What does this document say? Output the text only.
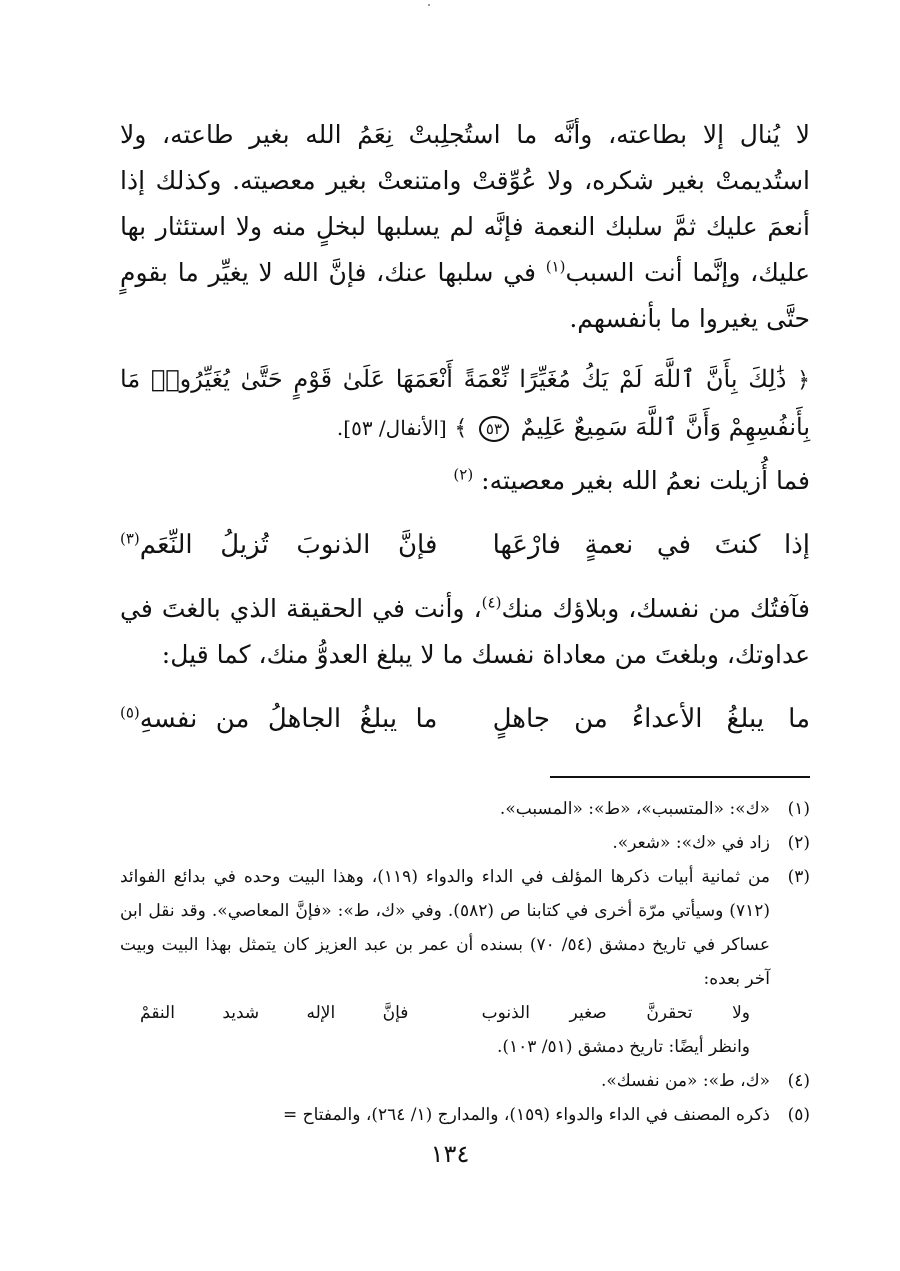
لا يُنال إلا بطاعته، وأنَّه ما استُجلِبتْ نِعَمُ الله بغير طاعته، ولا استُديمتْ بغير شكره، ولا عُوِّقتْ وامتنعتْ بغير معصيته. وكذلك إذا أنعمَ عليك ثمَّ سلبك النعمة فإنَّه لم يسلبها لبخلٍ منه ولا استئثار بها عليك، وإنَّما أنت السبب$^{(١)}$ في سلبها عنك، فإنَّ الله لا يغيِّر ما بقومٍ حتَّى يغيروا ما بأنفسهم.

﴿ ذَٰلِكَ بِأَنَّ ٱللَّهَ لَمْ يَكُ مُغَيِّرًا نِّعْمَةً أَنْعَمَهَا عَلَىٰ قَوْمٍ حَتَّىٰ يُغَيِّرُوا۟ مَا بِأَنفُسِهِمْ وَأَنَّ ٱللَّهَ سَمِيعٌ عَلِيمٌ ٥٣ ﴾ [الأنفال/ ٥٣].

فما أُزيلت نعمُ الله بغير معصيته: $^{(٢)}$

إذا كنتَ في نعمةٍ فارْعَها
فإنَّ الذنوبَ تُزيلُ النِّعَم$^{(٣)}$

فآفتُك من نفسك، وبلاؤك منك$^{(٤)}$، وأنت في الحقيقة الذي بالغتَ في عداوتك، وبلغتَ من معاداة نفسك ما لا يبلغ العدوُّ منك، كما قيل:

ما يبلغُ الأعداءُ من جاهلٍ
ما يبلغُ الجاهلُ من نفسهِ$^{(٥)}$
(١)
«ك»: «المتسبب»، «ط»: «المسبب».
(٢)
زاد في «ك»: «شعر».
(٣)
من ثمانية أبيات ذكرها المؤلف في الداء والدواء (١١٩)، وهذا البيت وحده في بدائع الفوائد (٧١٢) وسيأتي مرّة أخرى في كتابنا ص (٥٨٢). وفي «ك، ط»: «فإنَّ المعاصي». وقد نقل ابن عساكر في تاريخ دمشق (٥٤/ ٧٠) بسنده أن عمر بن عبد العزيز كان يتمثل بهذا البيت وبيت آخر بعده:
ولا تحقرنَّ صغير الذنوب
فإنَّ الإله شديد النقمْ
وانظر أيضًا: تاريخ دمشق (٥١/ ١٠٣).
(٤)
«ك، ط»: «من نفسك».
(٥)
ذكره المصنف في الداء والدواء (١٥٩)، والمدارج (١/ ٢٦٤)، والمفتاح =
١٣٤
